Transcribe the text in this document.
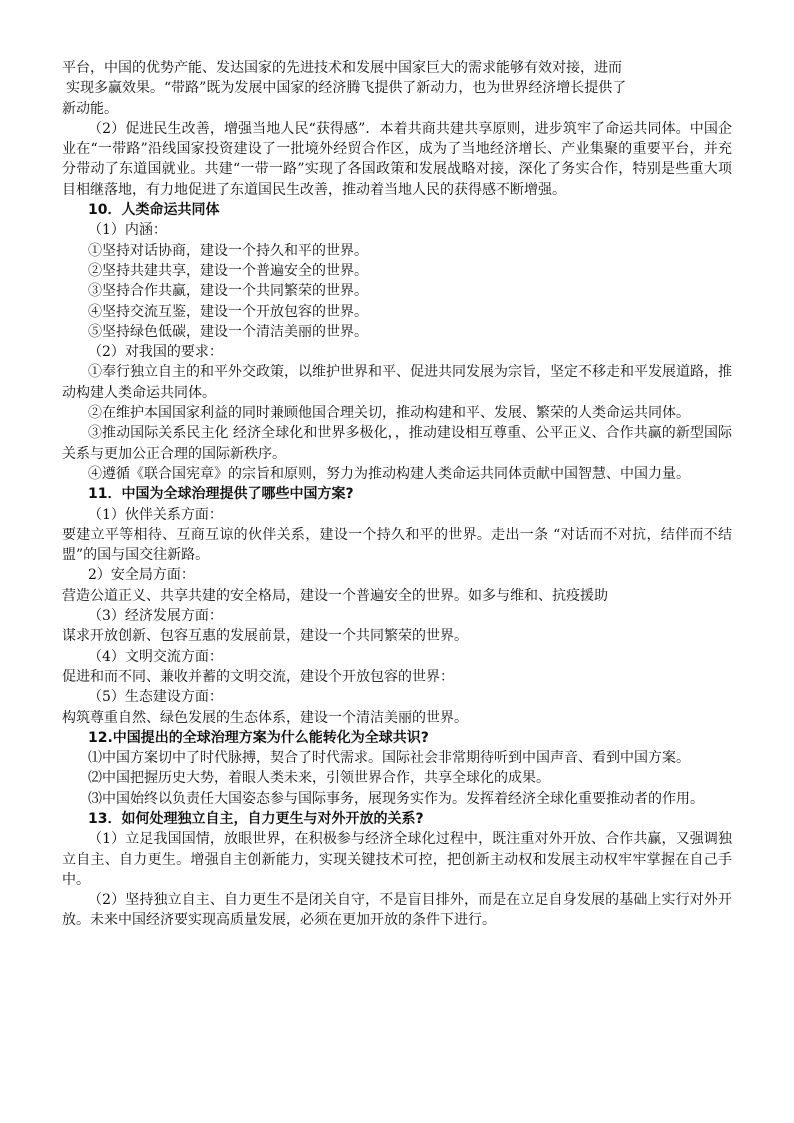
平台，中国的优势产能、发达国家的先进技术和发展中国家巨大的需求能够有效对接，进而

实现多赢效果。“带路”既为发展中国家的经济腾飞提供了新动力，也为世界经济增长提供了

新动能。

（2）促进民生改善，增强当地人民“获得感”．本着共商共建共享原则，进步筑牢了命运共同体。中国企业在“一带路”沿线国家投资建设了一批境外经贸合作区，成为了当地经济增长、产业集聚的重要平台，并充分带动了东道国就业。共建“一带一路”实现了各国政策和发展战略对接，深化了务实合作，特别是些重大项目相继落地，有力地促进了东道国民生改善，推动着当地人民的获得感不断增强。

10．人类命运共同体

（1）内涵：

①坚持对话协商，建设一个持久和平的世界。

②坚持共建共享，建设一个普遍安全的世界。

③坚持合作共赢，建设一个共同繁荣的世界。

④坚持交流互鉴，建设一个开放包容的世界。

⑤坚持绿色低碳，建设一个清洁美丽的世界。

（2）对我国的要求：

①奉行独立自主的和平外交政策，以维护世界和平、促进共同发展为宗旨，坚定不移走和平发展道路，推动构建人类命运共同体。

②在维护本国国家利益的同时兼顾他国合理关切，推动构建和平、发展、繁荣的人类命运共同体。

③推动国际关系民主化 经济全球化和世界多极化，，推动建设相互尊重、公平正义、合作共赢的新型国际关系与更加公正合理的国际新秩序。

④遵循《联合国宪章》的宗旨和原则，努力为推动构建人类命运共同体贡献中国智慧、中国力量。

11．中国为全球治理提供了哪些中国方案?

（1）伙伴关系方面：

要建立平等相待、互商互谅的伙伴关系，建设一个持久和平的世界。走出一条 “对话而不对抗，结伴而不结盟”的国与国交往新路。

2）安全局方面：

营造公道正义、共享共建的安全格局，建设一个普遍安全的世界。如多与维和、抗疫援助

（3）经济发展方面：

谋求开放创新、包容互惠的发展前景，建设一个共同繁荣的世界。

（4）文明交流方面：

促进和而不同、兼收并蓄的文明交流，建设个开放包容的世界：

（5）生态建设方面：

构筑尊重自然、绿色发展的生态体系，建设一个清洁美丽的世界。

12.中国提出的全球治理方案为什么能转化为全球共识?

⑴中国方案切中了时代脉搏，契合了时代需求。国际社会非常期待听到中国声音、看到中国方案。

⑵中国把握历史大势，着眼人类未来，引领世界合作，共享全球化的成果。

⑶中国始终以负责任大国姿态参与国际事务，展现务实作为。发挥着经济全球化重要推动者的作用。

13．如何处理独立自主，自力更生与对外开放的关系?

（1）立足我国国情，放眼世界，在积极参与经济全球化过程中，既注重对外开放、合作共赢，又强调独立自主、自力更生。增强自主创新能力，实现关键技术可控，把创新主动权和发展主动权牢牢掌握在自己手中。

（2）坚持独立自主、自力更生不是闭关自守，不是盲目排外，而是在立足自身发展的基础上实行对外开放。未来中国经济要实现高质量发展，必须在更加开放的条件下进行。
